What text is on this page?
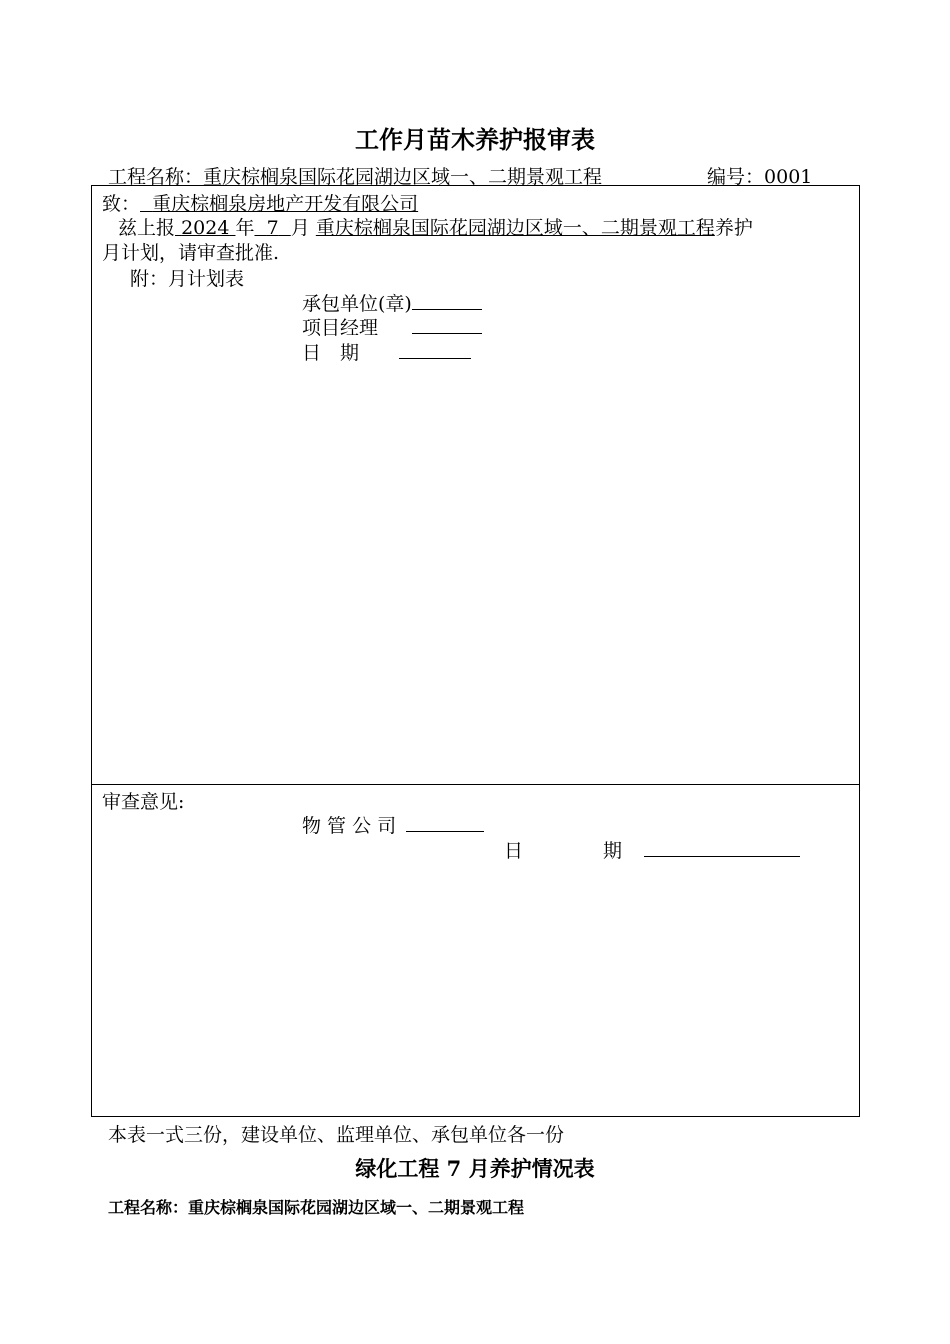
工作月苗木养护报审表
工程名称：重庆棕榈泉国际花园湖边区域一、二期景观工程	编号：0001
致： 重庆棕榈泉房地产开发有限公司
兹上报 2024 年 7 月 重庆棕榈泉国际花园湖边区域一、二期景观工程养护
月计划，请审查批准.
附：月计划表
承包单位(章)
项目经理
日　期
审查意见:
物 管 公 司
日	期
本表一式三份，建设单位、监理单位、承包单位各一份
绿化工程 7 月养护情况表
工程名称：重庆棕榈泉国际花园湖边区域一、二期景观工程
